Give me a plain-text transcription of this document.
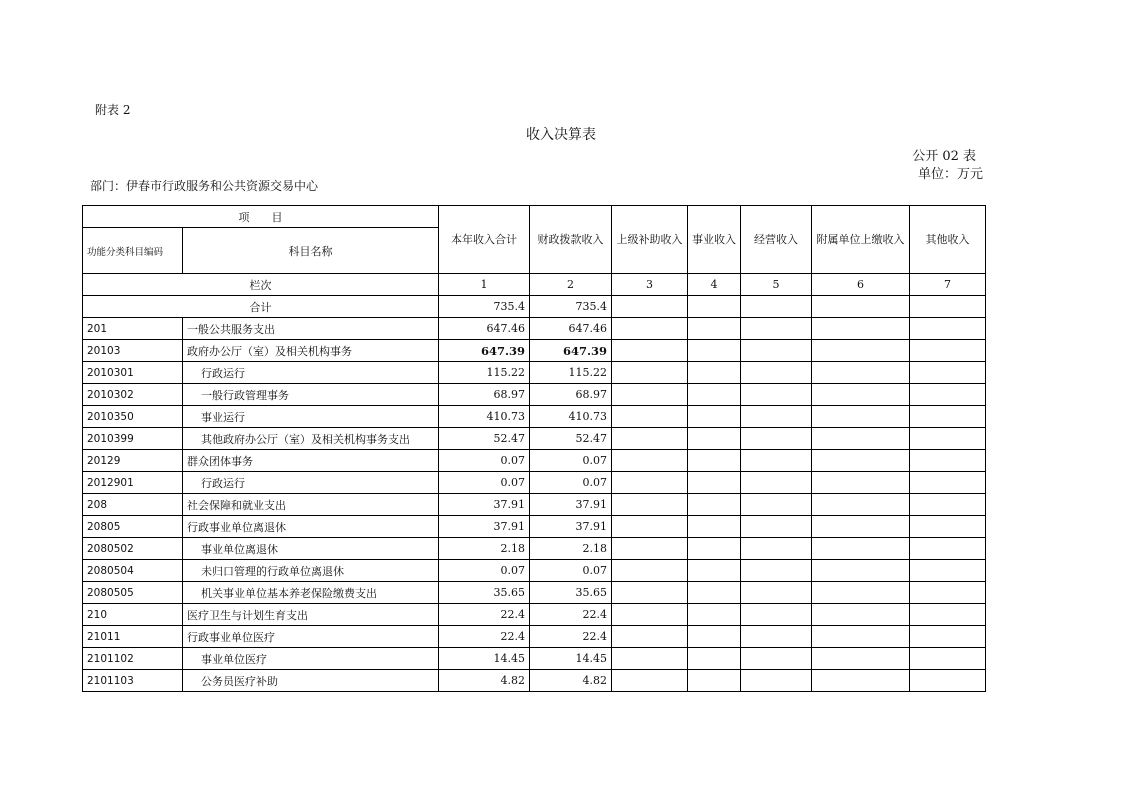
附表 2
收入决算表
公开 02 表
单位：万元
部门：伊春市行政服务和公共资源交易中心
项　　目		本年收入合计	财政拨款收入	上级补助收入	事业收入	经营收入	附属单位上缴收入	其他收入
功能分类科目编码	科目名称							
栏次		1	2	3	4	5	6	7
合计		735.4	735.4					
201	一般公共服务支出	647.46	647.46					
20103	政府办公厅（室）及相关机构事务	647.39	647.39					
2010301	行政运行	115.22	115.22					
2010302	一般行政管理事务	68.97	68.97					
2010350	事业运行	410.73	410.73					
2010399	其他政府办公厅（室）及相关机构事务支出	52.47	52.47					
20129	群众团体事务	0.07	0.07					
2012901	行政运行	0.07	0.07					
208	社会保障和就业支出	37.91	37.91					
20805	行政事业单位离退休	37.91	37.91					
2080502	事业单位离退休	2.18	2.18					
2080504	未归口管理的行政单位离退休	0.07	0.07					
2080505	机关事业单位基本养老保险缴费支出	35.65	35.65					
210	医疗卫生与计划生育支出	22.4	22.4					
21011	行政事业单位医疗	22.4	22.4					
2101102	事业单位医疗	14.45	14.45					
2101103	公务员医疗补助	4.82	4.82					
